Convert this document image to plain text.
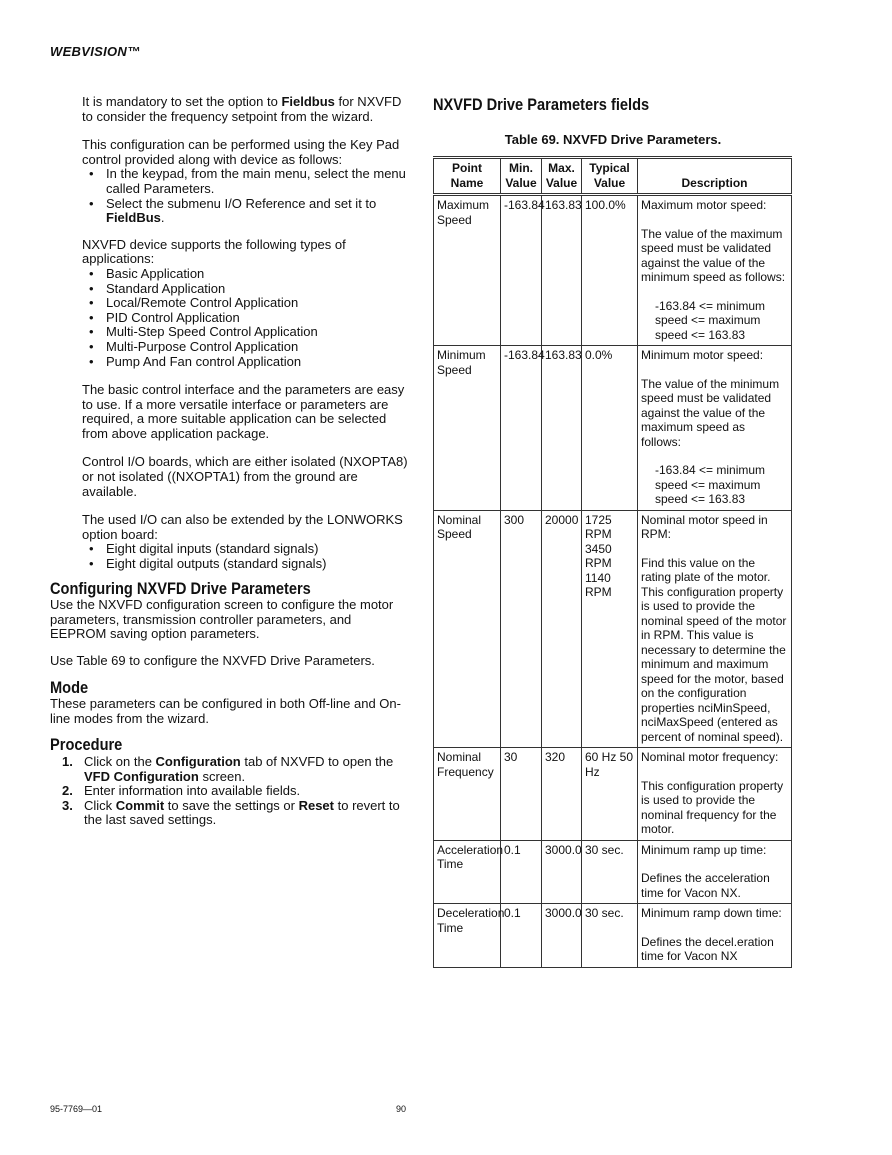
WEBVISION™

It is mandatory to set the option to Fieldbus for NXVFD to consider the frequency setpoint from the wizard.

This configuration can be performed using the Key Pad control provided along with device as follows:

• In the keypad, from the main menu, select the menu called Parameters.
• Select the submenu I/O Reference and set it to FieldBus.

NXVFD device supports the following types of applications:

• Basic Application
• Standard Application
• Local/Remote Control Application
• PID Control Application
• Multi-Step Speed Control Application
• Multi-Purpose Control Application
• Pump And Fan control Application

The basic control interface and the parameters are easy to use. If a more versatile interface or parameters are required, a more suitable application can be selected from above application package.

Control I/O boards, which are either isolated (NXOPTA8) or not isolated ((NXOPTA1) from the ground are available.

The used I/O can also be extended by the LONWORKS option board:

• Eight digital inputs (standard signals)
• Eight digital outputs (standard signals)
Configuring NXVFD Drive Parameters

Use the NXVFD configuration screen to configure the motor parameters, transmission controller parameters, and EEPROM saving option parameters.

Use Table 69 to configure the NXVFD Drive Parameters.

Mode

These parameters can be configured in both Off-line and On-line modes from the wizard.

Procedure
1. Click on the Configuration tab of NXVFD to open the VFD Configuration screen.
2. Enter information into available fields.
3. Click Commit to save the settings or Reset to revert to the last saved settings.
NXVFD Drive Parameters fields
Table 69. NXVFD Drive Parameters.
Point Name	Min. Value	Max. Value	Typical Value	Description
Maximum Speed	-163.84	163.83	100.0%	Maximum motor speed:

The value of the maximum speed must be validated against the value of the minimum speed as follows:

-163.84 <= minimum speed <= maximum speed <= 163.83

Minimum Speed	-163.84	163.83	0.0%	Minimum motor speed:

The value of the minimum speed must be validated against the value of the maximum speed as follows:

-163.84 <= minimum speed <= maximum speed <= 163.83

Nominal Speed	300	20000	1725 RPM 3450 RPM 1140 RPM	Nominal motor speed in RPM:

Find this value on the rating plate of the motor.

This configuration property is used to provide the nominal speed of the motor in RPM. This value is necessary to determine the minimum and maximum speed for the motor, based on the configuration properties nciMinSpeed, nciMaxSpeed (entered as percent of nominal speed).

Nominal Frequency	30	320	60 Hz 50 Hz	Nominal motor frequency:

This configuration property is used to provide the nominal frequency for the motor.

Acceleration Time	0.1	3000.0	30 sec.	Minimum ramp up time:

Defines the acceleration time for Vacon NX.

Deceleration Time	0.1	3000.0	30 sec.	Minimum ramp down time:

Defines the decel.eration time for Vacon NX

95-7769—01	90
